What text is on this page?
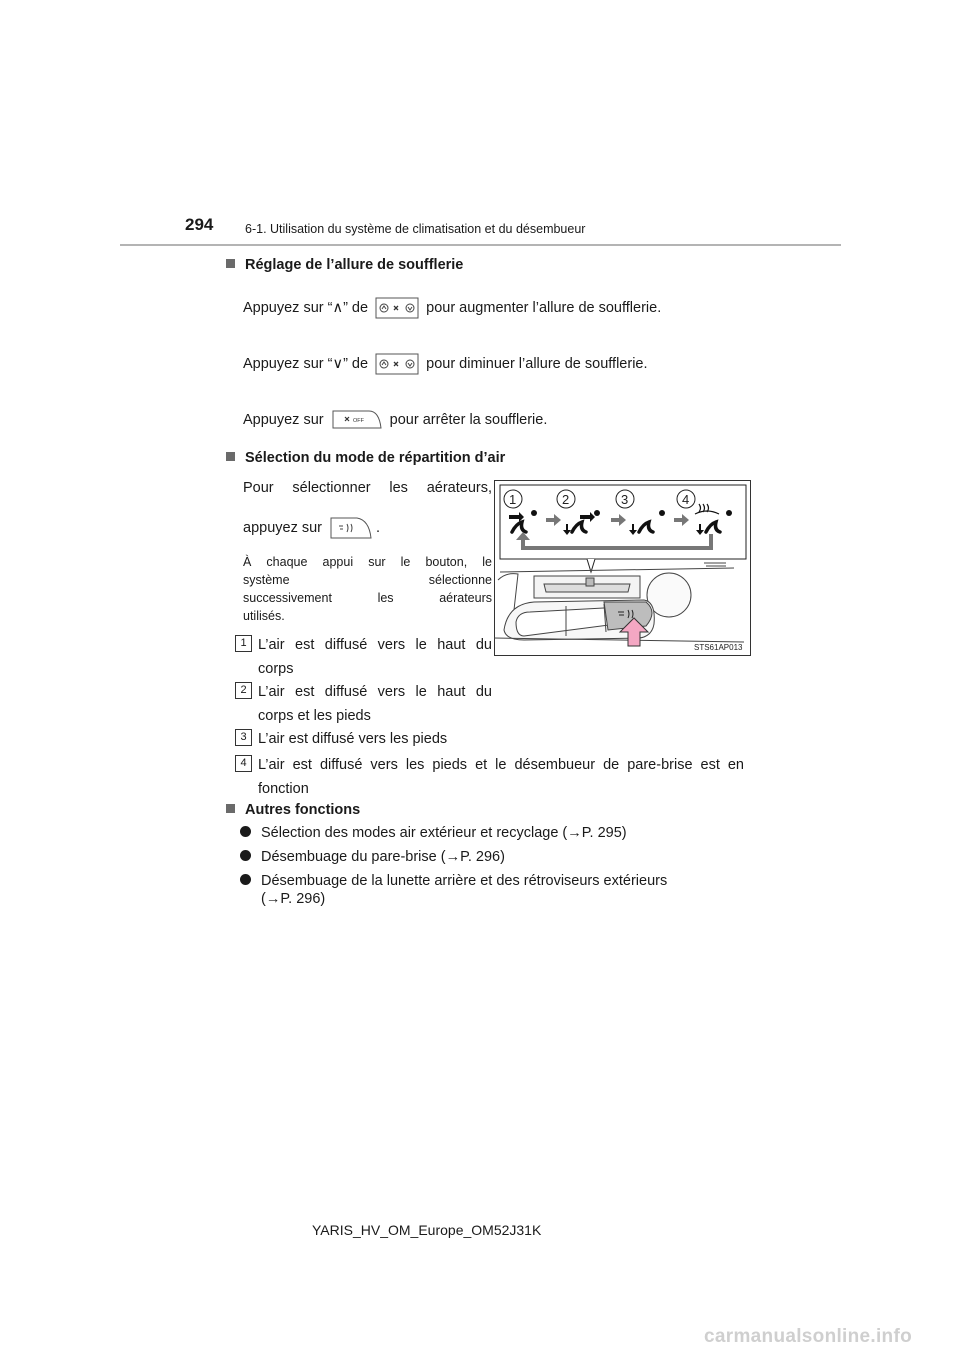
294	6-1. Utilisation du système de climatisation et du désembueur
Réglage de l’allure de soufflerie
Appuyez sur “∧” de	pour augmenter l’allure de soufflerie.
Appuyez sur “∨” de	pour diminuer l’allure de soufflerie.
Appuyez sur	OFF pour arrêter la soufflerie.
Sélection du mode de répartition d’air
Pour sélectionner les aérateurs,
appuyez sur	.
À chaque appui sur le bouton, le
système sélectionne
successivement les aérateurs
utilisés.
1 L’air est diffusé vers le haut du
corps
2 L’air est diffusé vers le haut du
corps et les pieds
3 L’air est diffusé vers les pieds
4 L’air est diffusé vers les pieds et le désembueur de pare-brise est en
fonction
1	2	3	4
STS61AP013
Autres fonctions
Sélection des modes air extérieur et recyclage (→P. 295)
Désembuage du pare-brise (→P. 296)
Désembuage de la lunette arrière et des rétroviseurs extérieurs
(→P. 296)
YARIS_HV_OM_Europe_OM52J31K
carmanualsonline.info
